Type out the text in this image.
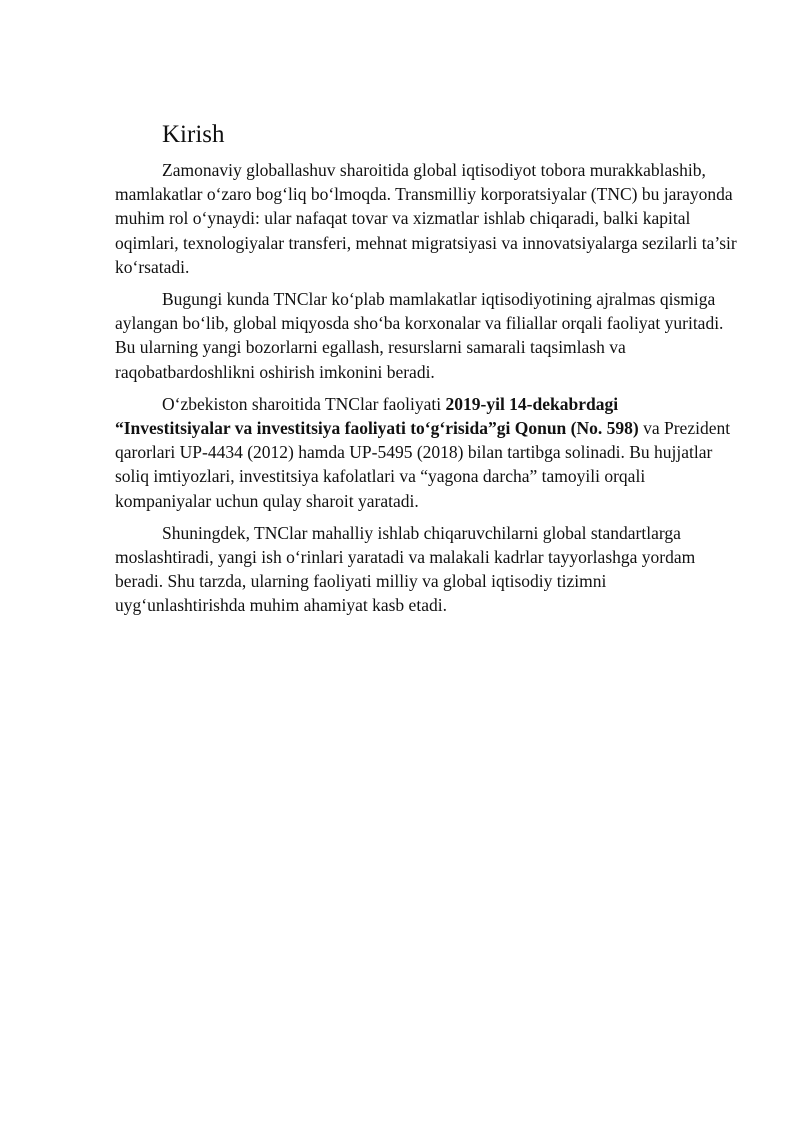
Kirish

Zamonaviy globallashuv sharoitida global iqtisodiyot tobora murakkablashib, mamlakatlar o‘zaro bog‘liq bo‘lmoqda. Transmilliy korporatsiyalar (TNC) bu jarayonda muhim rol o‘ynaydi: ular nafaqat tovar va xizmatlar ishlab chiqaradi, balki kapital oqimlari, texnologiyalar transferi, mehnat migratsiyasi va innovatsiyalarga sezilarli ta’sir ko‘rsatadi.

Bugungi kunda TNClar ko‘plab mamlakatlar iqtisodiyotining ajralmas qismiga aylangan bo‘lib, global miqyosda sho‘ba korxonalar va filiallar orqali faoliyat yuritadi. Bu ularning yangi bozorlarni egallash, resurslarni samarali taqsimlash va raqobatbardoshlikni oshirish imkonini beradi.

O‘zbekiston sharoitida TNClar faoliyati 2019-yil 14-dekabrdagi “Investitsiyalar va investitsiya faoliyati to‘g‘risida”gi Qonun (No. 598) va Prezident qarorlari UP-4434 (2012) hamda UP-5495 (2018) bilan tartibga solinadi. Bu hujjatlar soliq imtiyozlari, investitsiya kafolatlari va “yagona darcha” tamoyili orqali kompaniyalar uchun qulay sharoit yaratadi.

Shuningdek, TNClar mahalliy ishlab chiqaruvchilarni global standartlarga moslashtiradi, yangi ish o‘rinlari yaratadi va malakali kadrlar tayyorlashga yordam beradi. Shu tarzda, ularning faoliyati milliy va global iqtisodiy tizimni uyg‘unlashtirishda muhim ahamiyat kasb etadi.
